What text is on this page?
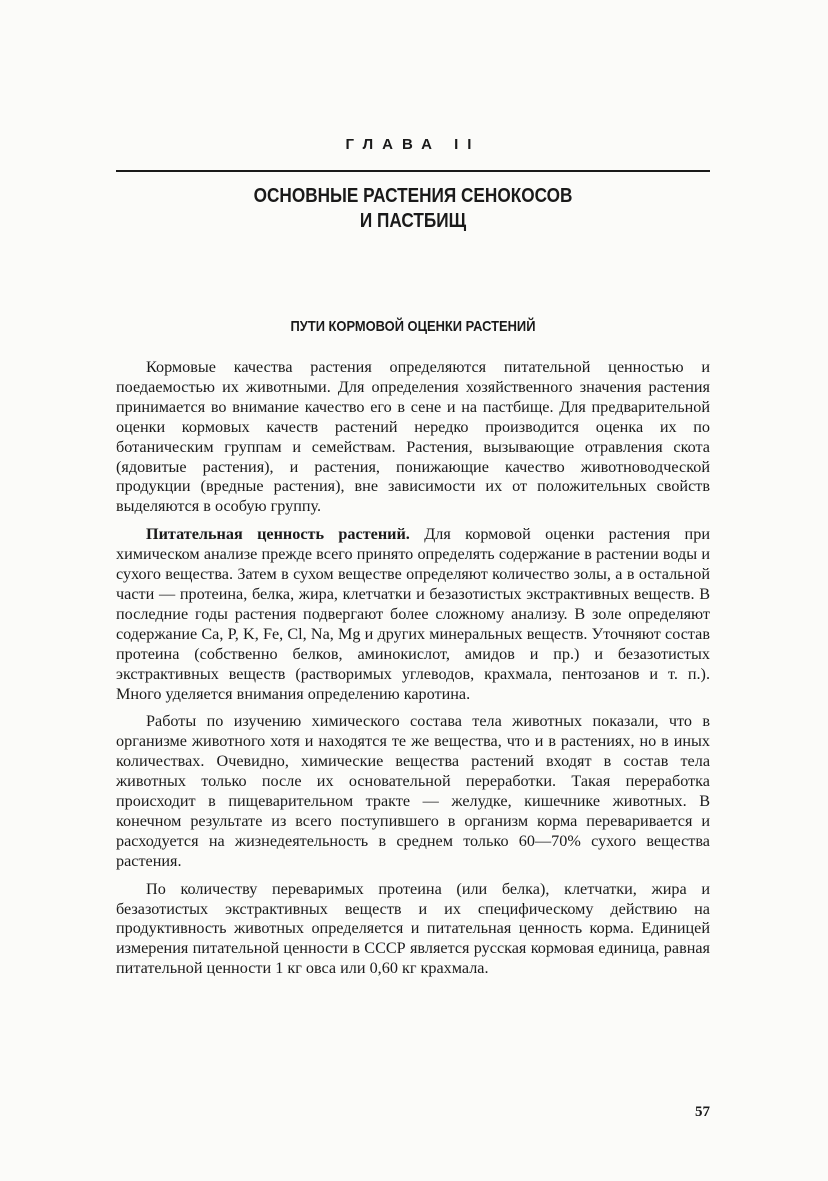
ГЛАВА II
ОСНОВНЫЕ РАСТЕНИЯ СЕНОКОСОВ
И ПАСТБИЩ
ПУТИ КОРМОВОЙ ОЦЕНКИ РАСТЕНИЙ

Кормовые качества растения определяются питательной ценностью и поедаемостью их животными. Для определения хозяйственного значения растения принимается во внимание качество его в сене и на пастбище. Для предварительной оценки кормовых качеств растений нередко производится оценка их по ботаническим группам и семействам. Растения, вызывающие отравления скота (ядовитые растения), и растения, понижающие качество животноводческой продукции (вредные растения), вне зависимости их от положительных свойств выделяются в особую группу.

Питательная ценность растений. Для кормовой оценки растения при химическом анализе прежде всего принято определять содержание в растении воды и сухого вещества. Затем в сухом веществе определяют количество золы, а в остальной части — протеина, белка, жира, клетчатки и безазотистых экстрактивных веществ. В последние годы растения подвергают более сложному анализу. В золе определяют содержание Ca, P, K, Fe, Cl, Na, Mg и других минеральных веществ. Уточняют состав протеина (собственно белков, аминокислот, амидов и пр.) и безазотистых экстрактивных веществ (растворимых углеводов, крахмала, пентозанов и т. п.). Много уделяется внимания определению каротина.

Работы по изучению химического состава тела животных показали, что в организме животного хотя и находятся те же вещества, что и в растениях, но в иных количествах. Очевидно, химические вещества растений входят в состав тела животных только после их основательной переработки. Такая переработка происходит в пищеварительном тракте — желудке, кишечнике животных. В конечном результате из всего поступившего в организм корма переваривается и расходуется на жизнедеятельность в среднем только 60—70% сухого вещества растения.

По количеству переваримых протеина (или белка), клетчатки, жира и безазотистых экстрактивных веществ и их специфическому действию на продуктивность животных определяется и питательная ценность корма. Единицей измерения питательной ценности в СССР является русская кормовая единица, равная питательной ценности 1 кг овса или 0,60 кг крахмала.

57
